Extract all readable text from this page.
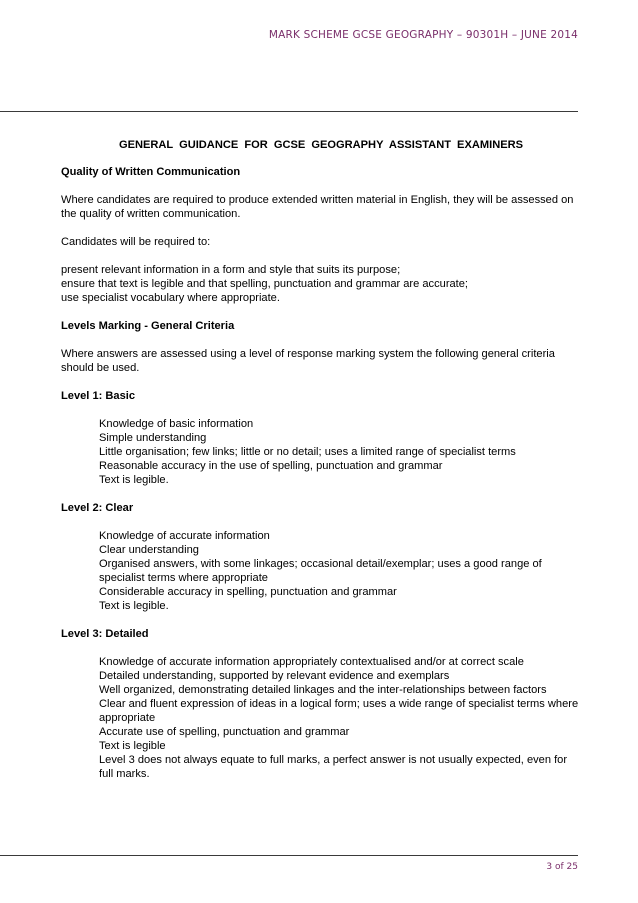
MARK SCHEME GCSE GEOGRAPHY – 90301H – JUNE 2014

GENERAL GUIDANCE FOR GCSE GEOGRAPHY ASSISTANT EXAMINERS

Quality of Written Communication

Where candidates are required to produce extended written material in English, they will be assessed on the quality of written communication.

Candidates will be required to:

present relevant information in a form and style that suits its purpose;

ensure that text is legible and that spelling, punctuation and grammar are accurate;

use specialist vocabulary where appropriate.

Levels Marking - General Criteria

Where answers are assessed using a level of response marking system the following general criteria should be used.

Level 1: Basic

Knowledge of basic information

Simple understanding

Little organisation; few links; little or no detail; uses a limited range of specialist terms

Reasonable accuracy in the use of spelling, punctuation and grammar

Text is legible.

Level 2: Clear

Knowledge of accurate information

Clear understanding

Organised answers, with some linkages; occasional detail/exemplar; uses a good range of specialist terms where appropriate

Considerable accuracy in spelling, punctuation and grammar

Text is legible.

Level 3: Detailed

Knowledge of accurate information appropriately contextualised and/or at correct scale

Detailed understanding, supported by relevant evidence and exemplars

Well organized, demonstrating detailed linkages and the inter-relationships between factors

Clear and fluent expression of ideas in a logical form; uses a wide range of specialist terms where appropriate

Accurate use of spelling, punctuation and grammar

Text is legible

Level 3 does not always equate to full marks, a perfect answer is not usually expected, even for full marks.

3 of 25
